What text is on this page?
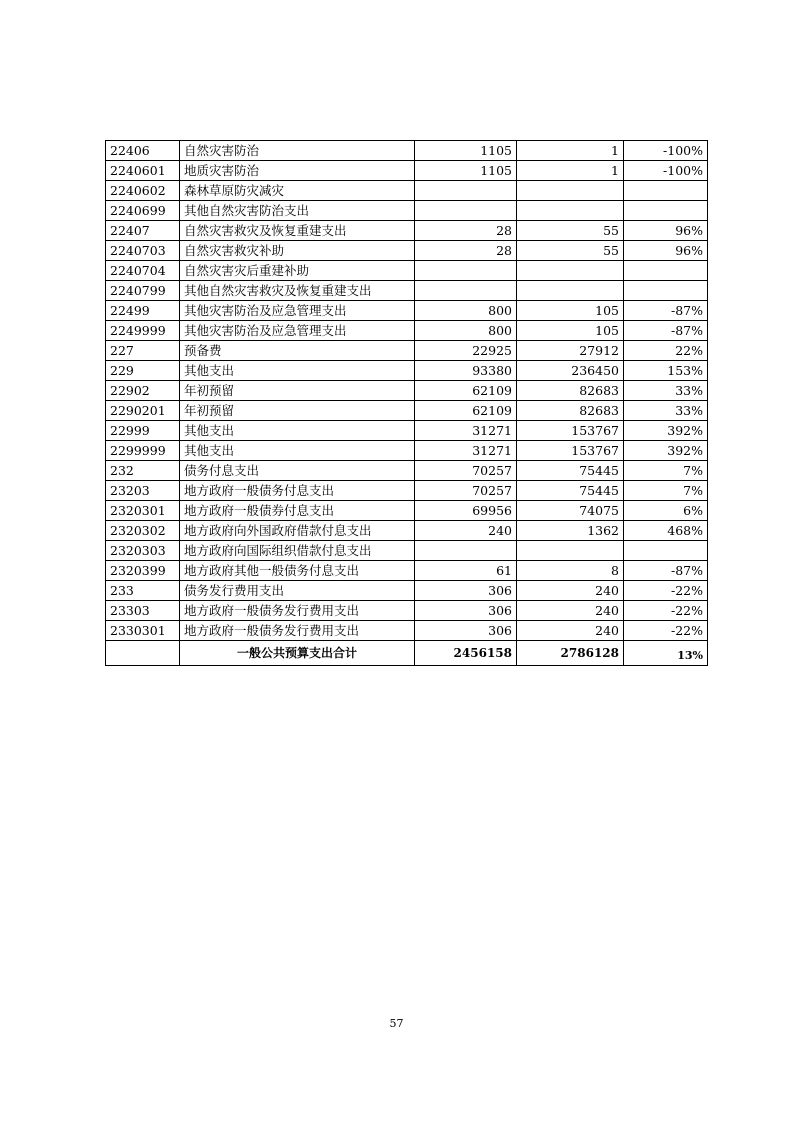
22406	自然灾害防治	1105	1	-100%
2240601	地质灾害防治	1105	1	-100%
2240602	森林草原防灾减灾			
2240699	其他自然灾害防治支出			
22407	自然灾害救灾及恢复重建支出	28	55	96%
2240703	自然灾害救灾补助	28	55	96%
2240704	自然灾害灾后重建补助			
2240799	其他自然灾害救灾及恢复重建支出			
22499	其他灾害防治及应急管理支出	800	105	-87%
2249999	其他灾害防治及应急管理支出	800	105	-87%
227	预备费	22925	27912	22%
229	其他支出	93380	236450	153%
22902	年初预留	62109	82683	33%
2290201	年初预留	62109	82683	33%
22999	其他支出	31271	153767	392%
2299999	其他支出	31271	153767	392%
232	债务付息支出	70257	75445	7%
23203	地方政府一般债务付息支出	70257	75445	7%
2320301	地方政府一般债券付息支出	69956	74075	6%
2320302	地方政府向外国政府借款付息支出	240	1362	468%
2320303	地方政府向国际组织借款付息支出			
2320399	地方政府其他一般债务付息支出	61	8	-87%
233	债务发行费用支出	306	240	-22%
23303	地方政府一般债务发行费用支出	306	240	-22%
2330301	地方政府一般债务发行费用支出	306	240	-22%
	一般公共预算支出合计	2456158	2786128	13%
57
